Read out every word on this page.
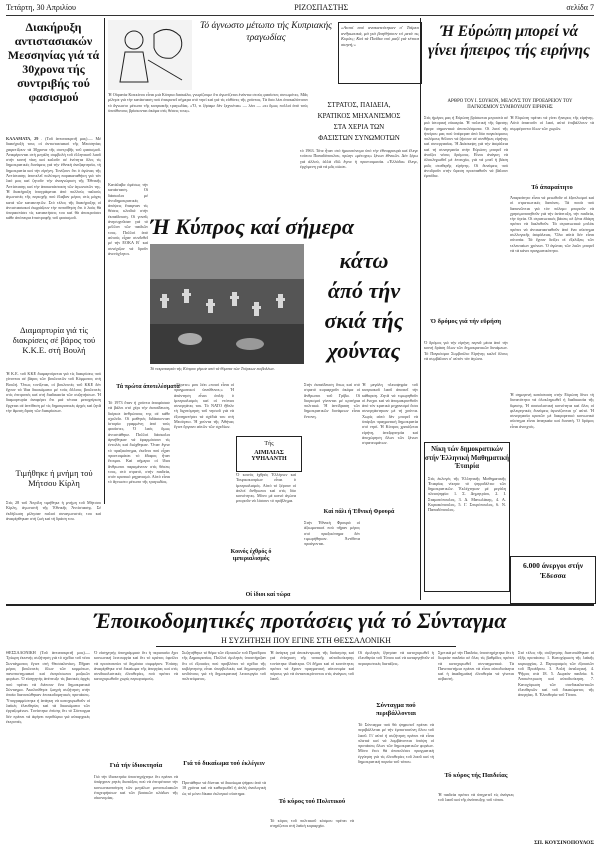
Τετάρτη, 30 Απριλίου	ΡΙΖΟΣΠΑΣΤΗΣ	σελίδα 7
Διακήρυξη αντιστασιακών Μεσσηνίας γιά τά 30χρονα τής συντριβής τού φασισμού
ΚΑΛΑΜΑΤΑ, 29 . (Τοῦ ἀνταποκριτῆ μας).— Μέ διακήρυξή τους οἱ ἀντιστασιακοί τῆς Μεσσηνίας χαιρετίζουν τά 30χρονα τῆς συντριβῆς τοῦ φασισμοῦ. Ἀναφέρονται στή μεγάλη συμβολή τοῦ ἑλληνικοῦ λαοῦ στήν κοινή νίκη καί καλοῦν σέ ἑνότητα ὅλες τίς δημοκρατικές δυνάμεις γιά τήν ἐθνική ἀνεξαρτησία, τή δημοκρατία καί τήν εἰρήνη. Τονίζουν ὅτι ὁ ἀγώνας τῆς Ἀντίστασης ἀποτελεῖ πολύτιμη παρακαταθήκη γιά τόν λαό μας καί ζητοῦν τήν ἀναγνώριση τῆς Ἐθνικῆς Ἀντίστασης καί τήν ἀποκατάσταση τῶν ἀγωνιστῶν της. Ἡ διακήρυξη ὑπογράφεται ἀπό πολλούς παλιούς ἀγωνιστές τῆς περιοχῆς πού ἔλαβαν μέρος στίς μάχες κατά τῶν κατακτητῶν. Στό τέλος τῆς διακήρυξης οἱ ἀντιστασιακοί ἐκφράζουν τήν πεποίθηση ὅτι ὁ λαός θά ὑπερασπίσει τίς κατακτήσεις του καί θά ἀποκρούσει κάθε ἀπόπειρα ἐπιστροφῆς τοῦ φασισμοῦ.
Διαμαρτυρία γιά τίς διακρίσεις σέ βάρος τού Κ.Κ.Ε. στή Βουλή
Ἡ Κ.Ε. τοῦ ΚΚΕ διαμαρτύρεται γιά τίς διακρίσεις πού γίνονται σέ βάρος τῶν βουλευτῶν τοῦ Κόμματος στή Βουλή. Ὅπως τονίζεται, οἱ βουλευτές τοῦ ΚΚΕ δέν ἔχουν τά ἴδια δικαιώματα μέ τούς ἄλλους βουλευτές στίς ἐπιτροπές καί στή διαδικασία τῶν συζητήσεων. Ἡ διαμαρτυρία ἀναφέρει ὅτι μιά τέτοια μεταχείριση ἔρχεται σέ ἀντίθεση μέ τίς δημοκρατικές ἀρχές καί ζητᾶ τήν ἄμεση ἄρση τῶν διακρίσεων.
Τιμήθηκε ή μνήμη τού Μήτσου Κίρλη
Στίς 28 τοῦ Ἀπρίλη τιμήθηκε ἡ μνήμη τοῦ Μήτσου Κίρλη, ἀγωνιστῆ τῆς Ἐθνικῆς Ἀντίστασης. Σέ ἐκδήλωση μίλησαν παλιοί συναγωνιστές του καί ἀναφέρθηκαν στή ζωή καί τή δράση του.
Τό άγνωστο μέτωπο τής Κυπριακής τραγωδίας
Ἡ Οὐρανία Κοκκίνου εἶναι μιά Κύπρια δασκάλα, γνωρίζουμε ὅτι ἀγωνίζεται ἐνάντια στούς φασίστες συνωμότες. Μᾶς μίλησε γιά τήν κατάσταση πού ἐπικρατεῖ σήμερα στό νησί καί γιά τίς εὐθύνες τῆς χούντας. Τά ὅσα λέει ἀποκαλύπτουν τό ἄγνωστο μέτωπο τῆς κυπριακῆς τραγωδίας. «Ὅ, τι ζήσαμε δέν ξεχνιέται» — λέει — «κι ὅμως πολλοί ἀπό τούς ὑπεύθυνους βρίσκονται ἀκόμα στίς θέσεις τους».
«Αυτοί πού ανακατεύτηκαν σ' Τσίρκο ανθρωπικά, μά γιά βοηθήσουν τό μετά τις Κυρίες; Καί τά Παίδια τού μαζί γιά τέτοια σκηνή;»
ΣΤΡΑΤΟΣ, ΠΑΙΔΕΙΑ,
ΚΡΑΤΙΚΟΣ ΜΗΧΑΝΙΣΜΟΣ
ΣΤΑ ΧΕΡΙΑ ΤΩΝ
ΦΑΣΙΣΤΩΝ ΣΥΝΩΜΟΤΩΝ
τό 1963. Τότε ἦταν στό ἡμιαυτόνομο ὑπό τήν ἐθνοφρουρά καί ἔλεγε τούτου Παπαδόπουλου, πρώην «μέτοχος» ξένων ἐθνικῶν. Δέν ξέρω γιά ἀλλού, ἀλλά ἐδῶ ἔγινε ἡ προετοιμασία. «Ἐλλάδα» ἔλεγε, ἐρχόμενη γιά νά μᾶς σώσει.
Ή Κύπρος καί σήμερα
κάτω
άπό τήν
σκιά τής
χούντας
Τό νεκροταφείο τής Κύπρου γέμισε από τά θύματα τών Τούρκων εισβολέων.
Κατάλαβα ἀμέσως τήν κατάσταση. Οἱ δάσκαλοι μέ ἀντιδημοκρατικές ἀπόψεις ἔπαιρναν τίς θέσεις κλειδιά στήν ἐκπαίδευση. Οἱ γονεῖς ἀνησυχοῦσαν γιά τό μέλλον τῶν παιδιῶν τους. Πολλοί ἀπό αὐτούς εἶχαν συνδεθεῖ μέ τήν ΕΟΚΑ Β΄ καί συνέχιζαν νά δροῦν ἀνενόχλητοι.
Τά πρώτα άποτελέσματα
Τό 1973 ὅταν ἡ χούντα ἀποφάσισε νά βάλει στό χέρι τήν ἐκπαίδευση, διόρισε ἀνθρώπους της σέ κάθε σχολεῖο. Οἱ μαθητές διδάσκονταν ἱστορία γραμμένη ἀπό τούς φασίστες. Ὁ λαός ὅμως ἀντιστάθηκε. Πολλοί δάσκαλοι ἀρνήθηκαν νά ἐφαρμόσουν τίς ἐντολές καί διώχθηκαν. Ὅταν ἔγινε τό πραξικόπημα, ἐκεῖνοι πού εἶχαν προετοιμάσει τό ἔδαφος ἦταν ἕτοιμοι. Καί σήμερα οἱ ἴδιοι ἄνθρωποι παραμένουν στίς θέσεις τους, στό στρατό, στήν παιδεία, στόν κρατικό μηχανισμό. Αὐτό εἶναι τό ἄγνωστο μέτωπο τῆς τραγωδίας.
Κοινός έχθρός ό ιμπεριαλισμός
«Ξέρετε» μου λέει «ποιοί εἶναι οἱ πραγματικοί ὑπεύθυνοι;» Ἡ ἀπάντηση εἶναι ἁπλή: ὁ ἰμπεριαλισμός καί οἱ ντόπιοι συνεργάτες του. Τό ΝΑΤΟ ἤθελε τή διχοτόμηση τοῦ νησιοῦ γιά νά ἐξυπηρετήσει τά σχέδιά του στή Μεσόγειο. Ἡ χούντα τῆς Ἀθήνας ἔγινε ὄργανο αὐτῶν τῶν σχεδίων.
Τής
ΑΙΜΙΛΙΑΣ ΥΨΗΛΑΝΤΗ
Ὁ κοινός ἐχθρός Ἑλλήνων καί Τουρκοκυπρίων εἶναι ὁ ἰμπεριαλισμός. Αὐτό τό ξέρουν οἱ ἁπλοί ἄνθρωποι καί στίς δύο κοινότητες. Μόνο μέ κοινό ἀγώνα μποροῦν νά λύσουν τό πρόβλημα.
Στήν ἐκπαίδευση ὅπως καί στό στρατό κυριαρχοῦν ἀκόμα οἱ ἄνθρωποι τοῦ Γρίβα. Οἱ διορισμοί γίνονται μέ κριτήρια πολιτικά. Ἡ ἀντίδραση τῶν δημοκρατικῶν δυνάμεων εἶναι ἔντονη.
Καί πάλι ή Έθνική Φρουρά
Στήν Ἐθνική Φρουρά οἱ ἀξιωματικοί πού πῆραν μέρος στό πραξικόπημα δέν τιμωρήθηκαν. Ἀντίθετα προάγονται.
Ἡ μεγάλη πλειοψηφία τοῦ κυπριακοῦ λαοῦ ἀπαιτεῖ τήν κάθαρση. Ζητᾶ νά τιμωρηθοῦν οἱ ἔνοχοι καί νά ἀπομακρυνθοῦν ἀπό τόν κρατικό μηχανισμό ὅσοι συνεργάστηκαν μέ τή χούντα. Χωρίς αὐτό δέν μπορεῖ νά ὑπάρξει πραγματική δημοκρατία στό νησί. Ἡ Κύπρος χρειάζεται εἰρήνη, ἀνεξαρτησία καί ἀποχώρηση ὅλων τῶν ξένων στρατευμάτων.
Οί ίδιοι καί τώρα
Ή Εύρώπη μπορεί νά γίνει ήπειρος τής ειρήνης
ΑΡΘΡΟ ΤΟΥ Ι. ΣΟΥΚΟΝ, ΜΕΛΟΥΣ ΤΟΥ ΠΡΟΕΔΡΕΙΟΥ ΤΟΥ ΠΑΓΚΟΣΜΙΟΥ ΣΥΜΒΟΥΛΙΟΥ ΕΙΡΗΝΗΣ
Στίς ἡμέρες μας ἡ Εὐρώπη βρίσκεται μπροστά σέ μιά ἱστορική εὐκαιρία. Ἡ πολιτική τῆς ὕφεσης ἔφερε σημαντικά ἀποτελέσματα. Οἱ λαοί τῆς ἠπείρου μας πού ὑπέφεραν ἀπό δύο παγκόσμιους πολέμους θέλουν νά ζήσουν σέ συνθῆκες εἰρήνης καί συνεργασίας. Ἡ Διάσκεψη γιά τήν ἀσφάλεια καί τή συνεργασία στήν Εὐρώπη μπορεῖ νά ἀνοίξει νέους δρόμους. Εἶναι ἀνάγκη νά ὁλοκληρωθεῖ μέ ἐπιτυχία, γιά νά μπεῖ ἡ βάση μιᾶς σταθερῆς εἰρήνης. Οἱ δυνάμεις πού ἀντιδροῦν στήν ὕφεση προσπαθοῦν νά βάλουν ἐμπόδια.
Ἡ Εὐρώπη πρέπει νά γίνει ἤπειρος τῆς εἰρήνης. Αὐτό ἀπαιτοῦν οἱ λαοί, αὐτό ἐπιβάλλουν τά συμφέροντα ὅλων τῶν χωρῶν.
Τό άπαραίτητο
Ἀπαραίτητο εἶναι νά μειωθοῦν οἱ ἐξοπλισμοί καί οἱ στρατιωτικές δαπάνες. Τά ποσά πού δαπανῶνται γιά τόν πόλεμο μποροῦν νά χρησιμοποιηθοῦν γιά τήν ἀνάπτυξη, τήν παιδεία, τήν ὑγεία. Οἱ στρατιωτικές βάσεις σέ ξένα ἐδάφη πρέπει νά διαλυθοῦν. Τά στρατιωτικά μπλόκ πρέπει νά ἀντικατασταθοῦν ἀπό ἕνα σύστημα συλλογικῆς ἀσφάλειας. Ὅλα αὐτά δέν εἶναι οὐτοπία. Τά ἔχουν δείξει οἱ ἐξελίξεις τῶν τελευταίων χρόνων. Ὁ ἀγώνας τῶν λαῶν μπορεῖ νά τά κάνει πραγματικότητα.
Ό δρόμος γιά τήν εΰρήση
Ὁ δρόμος γιά τήν εἰρήνη περνᾶ μέσα ἀπό τήν κοινή δράση ὅλων τῶν δημοκρατικῶν δυνάμεων. Τό Παγκόσμιο Συμβούλιο Εἰρήνης καλεῖ ὅλους νά συμβάλουν σ' αὐτόν τόν ἀγώνα.
Νίκη τών δημοκρατικών στήν Έλληνική Μαθηματική Έταιρία
Στίς ἐκλογές τῆς Ἑλληνικῆς Μαθηματικῆς Ἑταιρίας νίκησε τό ψηφοδέλτιο τῶν δημοκρατικῶν. Ἐκλέχτηκαν μέ μεγάλη πλειοψηφία: 1. Σ. Δημητρίου, 2. Ι. Σταματόπουλος, 3. Δ. Μανωλάκης, 4. Α. Κυριακόπουλος, 5. Γ. Σπυρόπουλος, 6. Ν. Παπαδόπουλος.
6.000 άνεργοι στήν Έδεσσα
Ἡ σημερινή κατάσταση στήν Εὐρώπη δίνει τή δυνατότητα νά ὁλοκληρωθεῖ ἡ διαδικασία τῆς ὕφεσης. Ἡ σοσιαλιστική κοινότητα καί ὅλες οἱ φιλειρηνικές δυνάμεις ἀγωνίζονται γι' αὐτό. Ἡ συνεργασία κρατῶν μέ διαφορετικό κοινωνικό σύστημα εἶναι ἀναγκαία καί δυνατή. Ὁ δρόμος εἶναι ἀνοιχτός.
Έποικοδομητικές προτάσεις γιά τό Σύνταγμα
Η ΣΥΖΗΤΗΣΗ ΠΟΥ ΕΓΙΝΕ ΣΤΗ ΘΕΣΣΑΛΟΝΙΚΗ
ΘΕΣΣΑΛΟΝΙΚΗ (Τοῦ ἀνταποκριτῆ μας).— Τρίωρη ἐκτενής συζήτηση γιά τό σχέδιο τοῦ νέου Συντάγματος ἔγινε στή Θεσσαλονίκη. Πῆραν μέρος βουλευτές ὅλων τῶν κομμάτων, πανεπιστημιακοί καί ἐκπρόσωποι μαζικῶν φορέων. Ὁ εἰσηγητής ἀνέπτυξε τίς βασικές ἀρχές πού πρέπει νά διέπουν ἕνα δημοκρατικό Σύνταγμα. Ἀκολούθησε ζωηρή συζήτηση στήν ὁποία διατυπώθηκαν ἐποικοδομητικές προτάσεις. Ὑπογραμμίστηκε ἡ ἀνάγκη νά κατοχυρωθοῦν οἱ λαϊκές ἐλευθερίες καί τά δικαιώματα τῶν ἐργαζομένων. Τονίστηκε ἐπίσης ὅτι τό Σύνταγμα δέν πρέπει νά ἀφήνει περιθώρια γιά αὐταρχικές ἐκτροπές.
Ὁ εἰσηγητής ὑπογράμμισε ὅτι ἡ περιουσία ἔχει κοινωνική λειτουργία καί ὅτι τό κράτος ὀφείλει νά προστατεύει τό δημόσιο συμφέρον. Ἐπίσης ἀναφέρθηκε στό δικαίωμα τῆς ἀπεργίας καί στίς συνδικαλιστικές ἐλευθερίες, πού πρέπει νά κατοχυρωθοῦν χωρίς περιορισμούς.
Γιά τήν ίδιοκτησία
Γιά τήν ἰδιοκτησία ὑποστηρίχτηκε ὅτι πρέπει νά ὑπάρχουν ρητές διατάξεις πού νά ἐπιτρέπουν τήν κοινωνικοποίηση τῶν μεγάλων μονοπωλιακῶν ἐπιχειρήσεων καί τῶν βασικῶν κλάδων τῆς οἰκονομίας.
Συζητήθηκε τό θέμα τῶν ἐξουσιῶν τοῦ Προέδρου τῆς Δημοκρατίας. Πολλοί ὁμιλητές ὑποστήριξαν ὅτι οἱ ἐξουσίες πού προβλέπει τό σχέδιο τῆς κυβέρνησης εἶναι ὑπερβολικές καί δημιουργοῦν κινδύνους γιά τή δημοκρατική λειτουργία τοῦ πολιτεύματος.
Γιά τό δικαίωμα τού έκλέγειν
Προτάθηκε νά δίνεται τό δικαίωμα ψήφου ἀπό τά 18 χρόνια καί νά καθιερωθεῖ ἡ ἁπλή ἀναλογική ὡς τό μόνο δίκαιο ἐκλογικό σύστημα.
Ἡ ἀνάγκη γιά ἀποκέντρωση τῆς διοίκησης καί γιά ἐνίσχυση τῆς τοπικῆς αὐτοδιοίκησης τονίστηκε ἰδιαίτερα. Οἱ δῆμοι καί οἱ κοινότητες πρέπει νά ἔχουν πραγματική αὐτονομία καί πόρους γιά νά ἀνταποκρίνονται στίς ἀνάγκες τοῦ λαοῦ.
Τό κύρος τού Πολιτικού
Τό κύρος τοῦ πολιτικοῦ κόσμου πρέπει νά στηρίζεται στή λαϊκή κυριαρχία.
Οἱ ὁμιλητές ζήτησαν νά κατοχυρωθεῖ ἡ ἐλευθερία τοῦ Τύπου καί νά καταργηθοῦν οἱ περιοριστικές διατάξεις.
Σύνταγμα πού περιβάλλονται
Τό Σύνταγμα πού θά ψηφιστεῖ πρέπει νά περιβάλλεται μέ τήν ἐμπιστοσύνη ὅλου τοῦ λαοῦ. Γι' αὐτό ἡ συζήτηση πρέπει νά εἶναι πλατιά καί νά λαμβάνονται ὑπόψη οἱ προτάσεις ὅλων τῶν δημοκρατικῶν φορέων. Μόνο ἔτσι θά ἀποτελέσει πραγματική ἐγγύηση γιά τίς ἐλευθερίες τοῦ λαοῦ καί τή δημοκρατική πορεία τοῦ τόπου.
Σχετικά μέ τήν Παιδεία, ὑποστηρίχτηκε ὅτι ἡ δωρεάν παιδεία σέ ὅλες τίς βαθμίδες πρέπει νά κατοχυρωθεῖ συνταγματικά. Τά Πανεπιστήμια πρέπει νά εἶναι αὐτοδιοίκητα καί ἡ ἀκαδημαϊκή ἐλευθερία νά γίνεται σεβαστή.
Τό κύρος τής Παιδείας
Ἡ παιδεία πρέπει νά ὑπηρετεῖ τίς ἀνάγκες τοῦ λαοῦ καί τῆς ἀνάπτυξης τοῦ τόπου.
Στό τέλος τῆς συζήτησης διατυπώθηκαν οἱ ἑξῆς προτάσεις: 1. Κατοχύρωση τῆς λαϊκῆς κυριαρχίας. 2. Περιορισμός τῶν ἐξουσιῶν τοῦ Προέδρου. 3. Ἁπλή ἀναλογική. 4. Ψῆφος στά 18. 5. Δωρεάν παιδεία. 6. Ἀποκέντρωση καί αὐτοδιοίκηση. 7. Κατοχύρωση τῶν συνδικαλιστικῶν ἐλευθεριῶν καί τοῦ δικαιώματος τῆς ἀπεργίας. 8. Ἐλευθερία τοῦ Τύπου.
ΣΠ. ΚΟΥΣΙΝΟΠΟΥΛΟΣ
